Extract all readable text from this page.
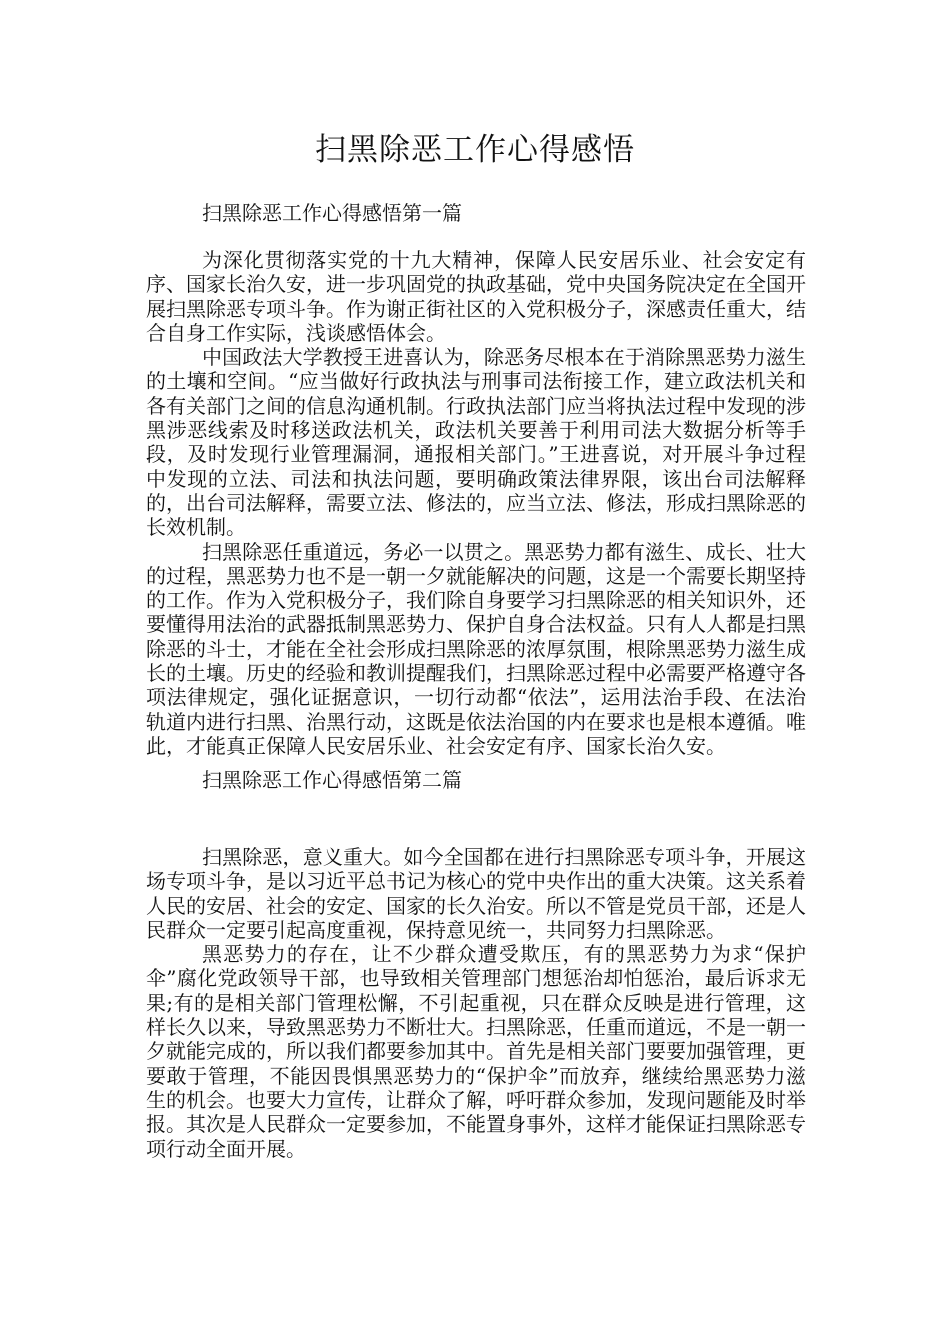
扫黑除恶工作心得感悟
扫黑除恶工作心得感悟第一篇

为深化贯彻落实党的十九大精神，保障人民安居乐业、社会安定有序、国家长治久安，进一步巩固党的执政基础，党中央国务院决定在全国开展扫黑除恶专项斗争。作为谢正街社区的入党积极分子，深感责任重大，结合自身工作实际，浅谈感悟体会。

中国政法大学教授王进喜认为，除恶务尽根本在于消除黑恶势力滋生的土壤和空间。“应当做好行政执法与刑事司法衔接工作，建立政法机关和各有关部门之间的信息沟通机制。行政执法部门应当将执法过程中发现的涉黑涉恶线索及时移送政法机关，政法机关要善于利用司法大数据分析等手段，及时发现行业管理漏洞，通报相关部门。”王进喜说，对开展斗争过程中发现的立法、司法和执法问题，要明确政策法律界限，该出台司法解释的，出台司法解释，需要立法、修法的，应当立法、修法，形成扫黑除恶的长效机制。

扫黑除恶任重道远，务必一以贯之。黑恶势力都有滋生、成长、壮大的过程，黑恶势力也不是一朝一夕就能解决的问题，这是一个需要长期坚持的工作。作为入党积极分子，我们除自身要学习扫黑除恶的相关知识外，还要懂得用法治的武器抵制黑恶势力、保护自身合法权益。只有人人都是扫黑除恶的斗士，才能在全社会形成扫黑除恶的浓厚氛围，根除黑恶势力滋生成长的土壤。历史的经验和教训提醒我们，扫黑除恶过程中必需要严格遵守各项法律规定，强化证据意识，一切行动都“依法”，运用法治手段、在法治轨道内进行扫黑、治黑行动，这既是依法治国的内在要求也是根本遵循。唯此，才能真正保障人民安居乐业、社会安定有序、国家长治久安。

扫黑除恶工作心得感悟第二篇

扫黑除恶，意义重大。如今全国都在进行扫黑除恶专项斗争，开展这场专项斗争，是以习近平总书记为核心的党中央作出的重大决策。这关系着人民的安居、社会的安定、国家的长久治安。所以不管是党员干部，还是人民群众一定要引起高度重视，保持意见统一，共同努力扫黑除恶。

黑恶势力的存在，让不少群众遭受欺压，有的黑恶势力为求“保护伞”腐化党政领导干部，也导致相关管理部门想惩治却怕惩治，最后诉求无果;有的是相关部门管理松懈，不引起重视，只在群众反映是进行管理，这样长久以来，导致黑恶势力不断壮大。扫黑除恶，任重而道远，不是一朝一夕就能完成的，所以我们都要参加其中。首先是相关部门要要加强管理，更要敢于管理，不能因畏惧黑恶势力的“保护伞”而放弃，继续给黑恶势力滋生的机会。也要大力宣传，让群众了解，呼吁群众参加，发现问题能及时举报。其次是人民群众一定要参加，不能置身事外，这样才能保证扫黑除恶专项行动全面开展。
